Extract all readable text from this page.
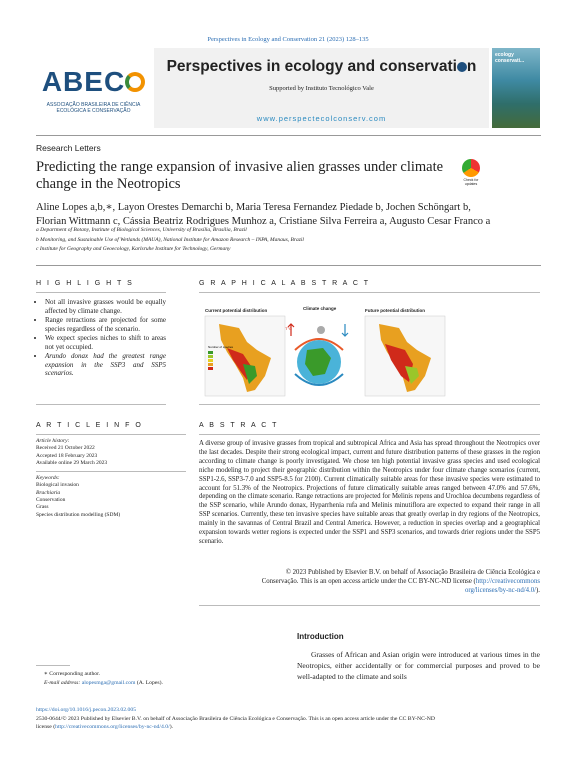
Perspectives in Ecology and Conservation 21 (2023) 128–135
ABEC
ASSOCIAÇÃO BRASILEIRA DE CIÊNCIA
ECOLÓGICA E CONSERVAÇÃO
Perspectives in ecology and conservati n
Supported by Instituto Tecnológico Vale
www.perspectecolconserv.com
ecology conservati...
Research Letters
Predicting the range expansion of invasive alien grasses under climate change in the Neotropics	Check for updates
Aline Lopes a,b,∗, Layon Orestes Demarchi b, Maria Teresa Fernandez Piedade b, Jochen Schöngart b,
Florian Wittmann c, Cássia Beatriz Rodrigues Munhoz a, Cristiane Silva Ferreira a, Augusto Cesar Franco a
a Department of Botany, Institute of Biological Sciences, University of Brasília, Brasília, Brazil
b Monitoring, and Sustainable Use of Wetlands (MAUA), National Institute for Amazon Research – INPA, Manaus, Brazil
c Institute for Geography and Geoecology, Karlsruhe Institute for Technology, Germany
H I G H L I G H T S
• Not all invasive grasses would be equally affected by climate change.
• Range retractions are projected for some species regardless of the scenario.
• We expect species niches to shift to areas not yet occupied.
• Arundo donax had the greatest range expansion in the SSP3 and SSP5 scenarios.
G R A P H I C A L A B S T R A C T
Current potential distribution	Climate change	Future potential distribution
Number of species
T°C
A R T I C L E I N F O
Article history:
Received 21 October 2022
Accepted 18 February 2023
Available online 29 March 2023
Keywords:
Biological invasion
Brachiaria
Conservation
Grass
Species distribution modelling (SDM)
A B S T R A C T
A diverse group of invasive grasses from tropical and subtropical Africa and Asia has spread throughout the Neotropics over the last decades. Despite their strong ecological impact, current and future distribution patterns of these grasses in the region according to climate change is poorly investigated. We chose ten high potential invasive grass species and used ecological niche modeling to project their geographic distribution within the Neotropics under four climate change scenarios (current, SSP1-2.6, SSP3-7.0 and SSP5-8.5 for 2100). Current climatically suitable areas for these invasive species were estimated to account for 51.3% of the Neotropics. Projections of future climatically suitable areas ranged between 47.0% and 57.6%, depending on the climate scenario. Range retractions are projected for Melinis repens and Urochloa decumbens regardless of the SSP scenario, while Arundo donax, Hyparrhenia rufa and Melinis minutiflora are expected to expand their range in all SSP scenarios. Currently, these ten invasive species have suitable areas that greatly overlap in dry regions of the Neotropics, mainly in the savannas of Central Brazil and Central America. However, a reduction in species overlap and a geographical expansion towards wetter regions is expected under the SSP1 and SSP3 scenarios, and towards drier regions under the SSP5 scenario.
© 2023 Published by Elsevier B.V. on behalf of Associação Brasileira de Ciência Ecológica e
Conservação. This is an open access article under the CC BY-NC-ND license (http://creativecommons
org/licenses/by-nc-nd/4.0/).
Introduction
Grasses of African and Asian origin were introduced at various times in the Neotropics, either accidentally or for commercial purposes and proved to be well-adapted to the climate and soils
∗ Corresponding author.
E-mail address: alopesmga@gmail.com (A. Lopes).
https://doi.org/10.1016/j.pecon.2023.02.005
2530-0644/© 2023 Published by Elsevier B.V. on behalf of Associação Brasileira de Ciência Ecológica e Conservação. This is an open access article under the CC BY-NC-ND
license (http://creativecommons.org/licenses/by-nc-nd/4.0/).
